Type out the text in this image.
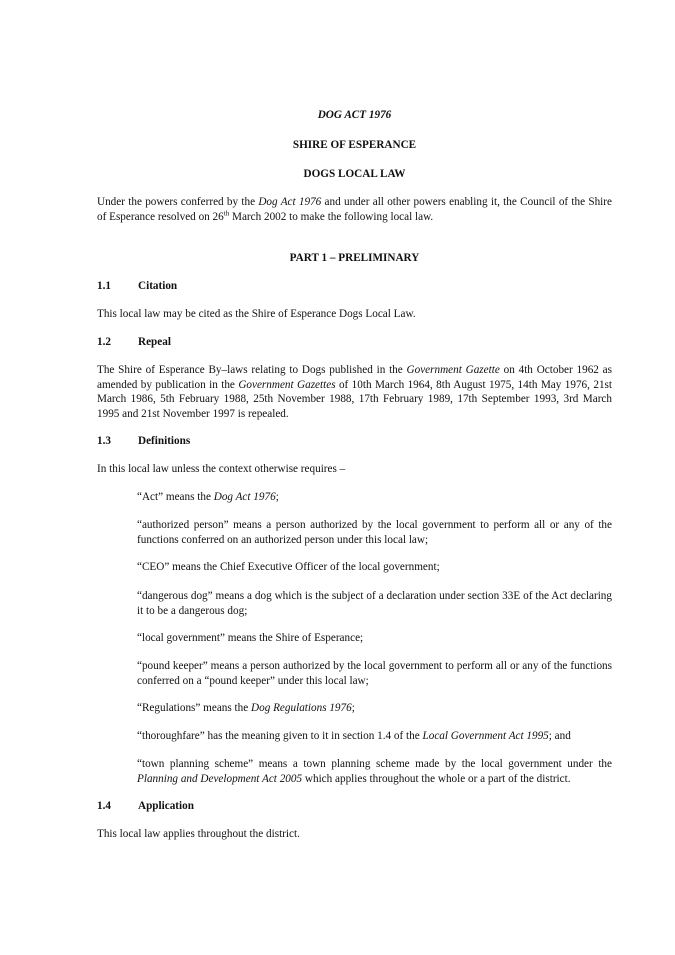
DOG ACT 1976

SHIRE OF ESPERANCE

DOGS LOCAL LAW

Under the powers conferred by the Dog Act 1976 and under all other powers enabling it, the Council of the Shire of Esperance resolved on 26th March 2002 to make the following local law.

PART 1 – PRELIMINARY

1.1 Citation

This local law may be cited as the Shire of Esperance Dogs Local Law.

1.2 Repeal

The Shire of Esperance By–laws relating to Dogs published in the Government Gazette on 4th October 1962 as amended by publication in the Government Gazettes of 10th March 1964, 8th August 1975, 14th May 1976, 21st March 1986, 5th February 1988, 25th November 1988, 17th February 1989, 17th September 1993, 3rd March 1995 and 21st November 1997 is repealed.

1.3 Definitions

In this local law unless the context otherwise requires –

“Act” means the Dog Act 1976;

“authorized person” means a person authorized by the local government to perform all or any of the functions conferred on an authorized person under this local law;

“CEO” means the Chief Executive Officer of the local government;

“dangerous dog” means a dog which is the subject of a declaration under section 33E of the Act declaring it to be a dangerous dog;

“local government” means the Shire of Esperance;

“pound keeper” means a person authorized by the local government to perform all or any of the functions conferred on a “pound keeper” under this local law;

“Regulations” means the Dog Regulations 1976;

“thoroughfare” has the meaning given to it in section 1.4 of the Local Government Act 1995; and

“town planning scheme” means a town planning scheme made by the local government under the Planning and Development Act 2005 which applies throughout the whole or a part of the district.

1.4 Application

This local law applies throughout the district.
